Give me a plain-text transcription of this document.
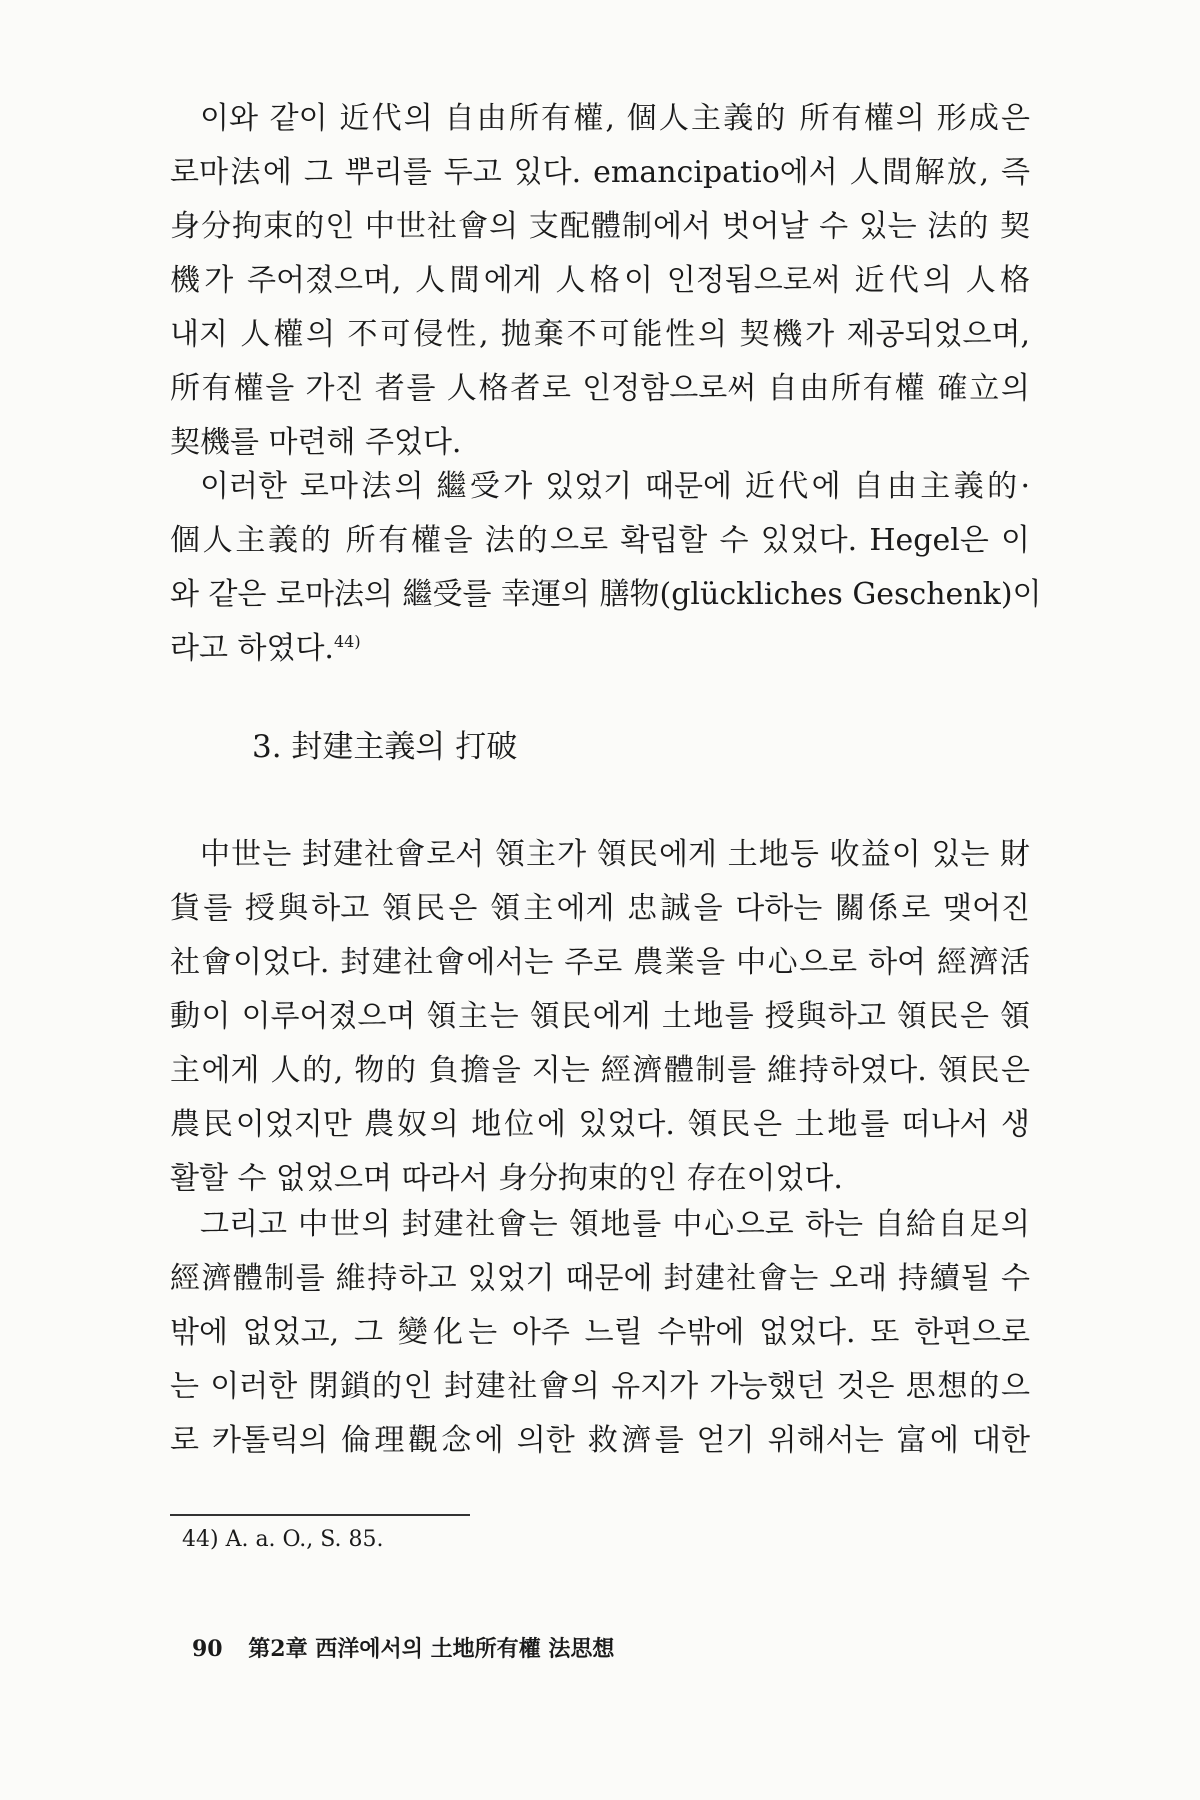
이와 같이 近代의 自由所有權, 個人主義的 所有權의 形成은
로마法에 그 뿌리를 두고 있다. emancipatio에서 人間解放, 즉
身分拘束的인 中世社會의 支配體制에서 벗어날 수 있는 法的 契
機가 주어졌으며, 人間에게 人格이 인정됨으로써 近代의 人格
내지 人權의 不可侵性, 抛棄不可能性의 契機가 제공되었으며,
所有權을 가진 者를 人格者로 인정함으로써 自由所有權 確立의
契機를 마련해 주었다.
이러한 로마法의 繼受가 있었기 때문에 近代에 自由主義的·
個人主義的 所有權을 法的으로 확립할 수 있었다. Hegel은 이
와 같은 로마法의 繼受를 幸運의 膳物(glückliches Geschenk)이
라고 하였다.$^{44)}$
3. 封建主義의 打破
中世는 封建社會로서 領主가 領民에게 土地등 收益이 있는 財
貨를 授與하고 領民은 領主에게 忠誠을 다하는 關係로 맺어진
社會이었다. 封建社會에서는 주로 農業을 中心으로 하여 經濟活
動이 이루어졌으며 領主는 領民에게 土地를 授與하고 領民은 領
主에게 人的, 物的 負擔을 지는 經濟體制를 維持하였다. 領民은
農民이었지만 農奴의 地位에 있었다. 領民은 土地를 떠나서 생
활할 수 없었으며 따라서 身分拘束的인 存在이었다.
그리고 中世의 封建社會는 領地를 中心으로 하는 自給自足의
經濟體制를 維持하고 있었기 때문에 封建社會는 오래 持續될 수
밖에 없었고, 그 變化는 아주 느릴 수밖에 없었다. 또 한편으로
는 이러한 閉鎖的인 封建社會의 유지가 가능했던 것은 思想的으
로 카톨릭의 倫理觀念에 의한 救濟를 얻기 위해서는 富에 대한
44) A. a. O., S. 85.
90 第2章 西洋에서의 土地所有權 法思想
